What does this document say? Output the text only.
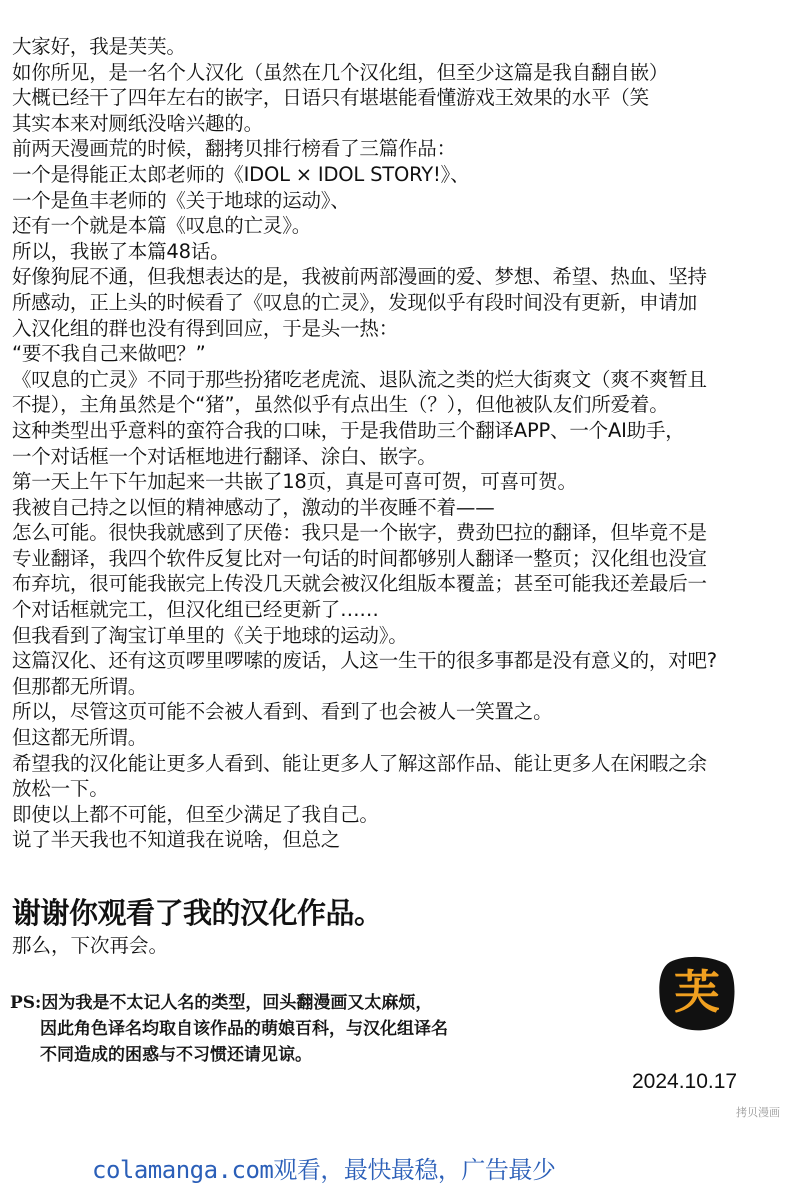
大家好，我是芙芙。
如你所见，是一名个人汉化（虽然在几个汉化组，但至少这篇是我自翻自嵌）
大概已经干了四年左右的嵌字，日语只有堪堪能看懂游戏王效果的水平（笑
其实本来对厕纸没啥兴趣的。
前两天漫画荒的时候，翻拷贝排行榜看了三篇作品：
一个是得能正太郎老师的《IDOL × IDOL STORY!》、
一个是鱼丰老师的《关于地球的运动》、
还有一个就是本篇《叹息的亡灵》。
所以，我嵌了本篇48话。
好像狗屁不通，但我想表达的是，我被前两部漫画的爱、梦想、希望、热血、坚持
所感动，正上头的时候看了《叹息的亡灵》，发现似乎有段时间没有更新，申请加
入汉化组的群也没有得到回应，于是头一热：
“要不我自己来做吧？”
《叹息的亡灵》不同于那些扮猪吃老虎流、退队流之类的烂大街爽文（爽不爽暂且
不提），主角虽然是个“猪”，虽然似乎有点出生（？），但他被队友们所爱着。
这种类型出乎意料的蛮符合我的口味，于是我借助三个翻译APP、一个AI助手，
一个对话框一个对话框地进行翻译、涂白、嵌字。
第一天上午下午加起来一共嵌了18页，真是可喜可贺，可喜可贺。
我被自己持之以恒的精神感动了，激动的半夜睡不着——
怎么可能。很快我就感到了厌倦：我只是一个嵌字，费劲巴拉的翻译，但毕竟不是
专业翻译，我四个软件反复比对一句话的时间都够别人翻译一整页；汉化组也没宣
布弃坑，很可能我嵌完上传没几天就会被汉化组版本覆盖；甚至可能我还差最后一
个对话框就完工，但汉化组已经更新了……
但我看到了淘宝订单里的《关于地球的运动》。
这篇汉化、还有这页啰里啰嗦的废话，人这一生干的很多事都是没有意义的，对吧?
但那都无所谓。
所以，尽管这页可能不会被人看到、看到了也会被人一笑置之。
但这都无所谓。
希望我的汉化能让更多人看到、能让更多人了解这部作品、能让更多人在闲暇之余
放松一下。
即使以上都不可能，但至少满足了我自己。
说了半天我也不知道我在说啥，但总之
谢谢你观看了我的汉化作品。
那么，下次再会。
PS:因为我是不太记人名的类型，回头翻漫画又太麻烦，
因此角色译名均取自该作品的萌娘百科，与汉化组译名
不同造成的困惑与不习惯还请见谅。
芙
2024.10.17
拷贝漫画
colamanga.com观看，最快最稳，广告最少
